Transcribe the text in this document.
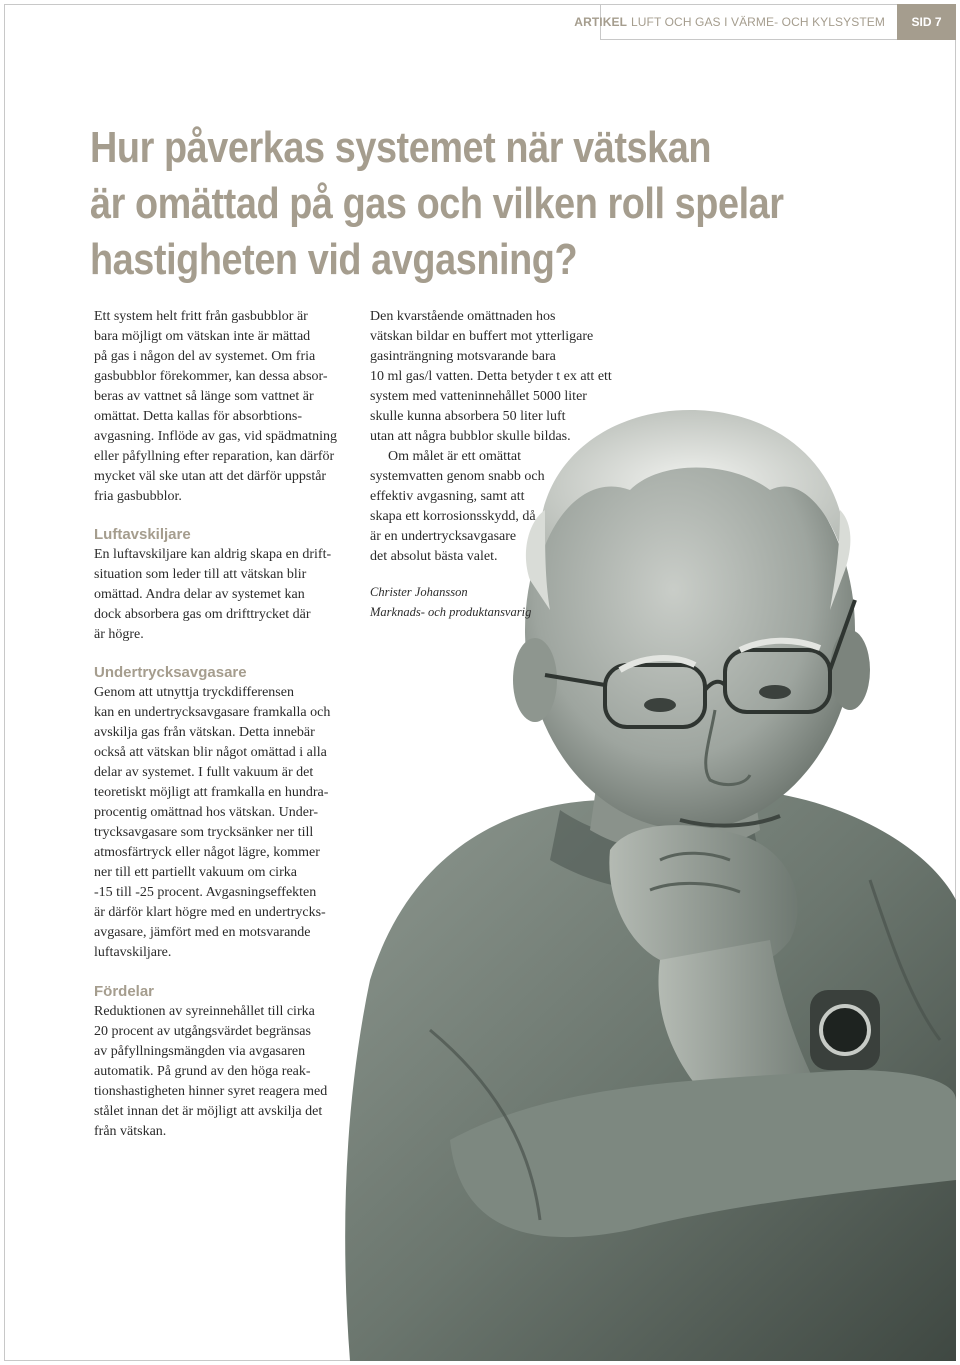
ARTIKEL LUFT OCH GAS I VÄRME- OCH KYLSYSTEM	SID 7
Hur påverkas systemet när vätskan
är omättad på gas och vilken roll spelar
hastigheten vid avgasning?

Ett system helt fritt från gasbubblor är
bara möjligt om vätskan inte är mättad
på gas i någon del av systemet. Om fria
gasbubblor förekommer, kan dessa absor-
beras av vattnet så länge som vattnet är
omättat. Detta kallas för absorbtions-
avgasning. Inflöde av gas, vid spädmatning
eller påfyllning efter reparation, kan därför
mycket väl ske utan att det därför uppstår
fria gasbubblor.

Luftavskiljare

En luftavskiljare kan aldrig skapa en drift-
situation som leder till att vätskan blir
omättad. Andra delar av systemet kan
dock absorbera gas om drifttrycket där
är högre.

Undertrycksavgasare

Genom att utnyttja tryckdifferensen
kan en undertrycksavgasare framkalla och
avskilja gas från vätskan. Detta innebär
också att vätskan blir något omättad i alla
delar av systemet. I fullt vakuum är det
teoretiskt möjligt att framkalla en hundra-
procentig omättnad hos vätskan. Under-
trycksavgasare som trycksänker ner till
atmosfärtryck eller något lägre, kommer
ner till ett partiellt vakuum om cirka
-15 till -25 procent. Avgasningseffekten
är därför klart högre med en undertrycks-
avgasare, jämfört med en motsvarande
luftavskiljare.

Fördelar

Reduktionen av syreinnehållet till cirka
20 procent av utgångsvärdet begränsas
av påfyllningsmängden via avgasaren
automatik. På grund av den höga reak-
tionshastigheten hinner syret reagera med
stålet innan det är möjligt att avskilja det
från vätskan.

Den kvarstående omättnaden hos
vätskan bildar en buffert mot ytterligare
gasinträngning motsvarande bara
10 ml gas/l vatten. Detta betyder t ex att ett
system med vatteninnehållet 5000 liter
skulle kunna absorbera 50 liter luft
utan att några bubblor skulle bildas.

Om målet är ett omättat
systemvatten genom snabb och
effektiv avgasning, samt att
skapa ett korrosionsskydd, då
är en undertrycksavgasare
det absolut bästa valet.

Christer Johansson
Marknads- och produktansvarig
